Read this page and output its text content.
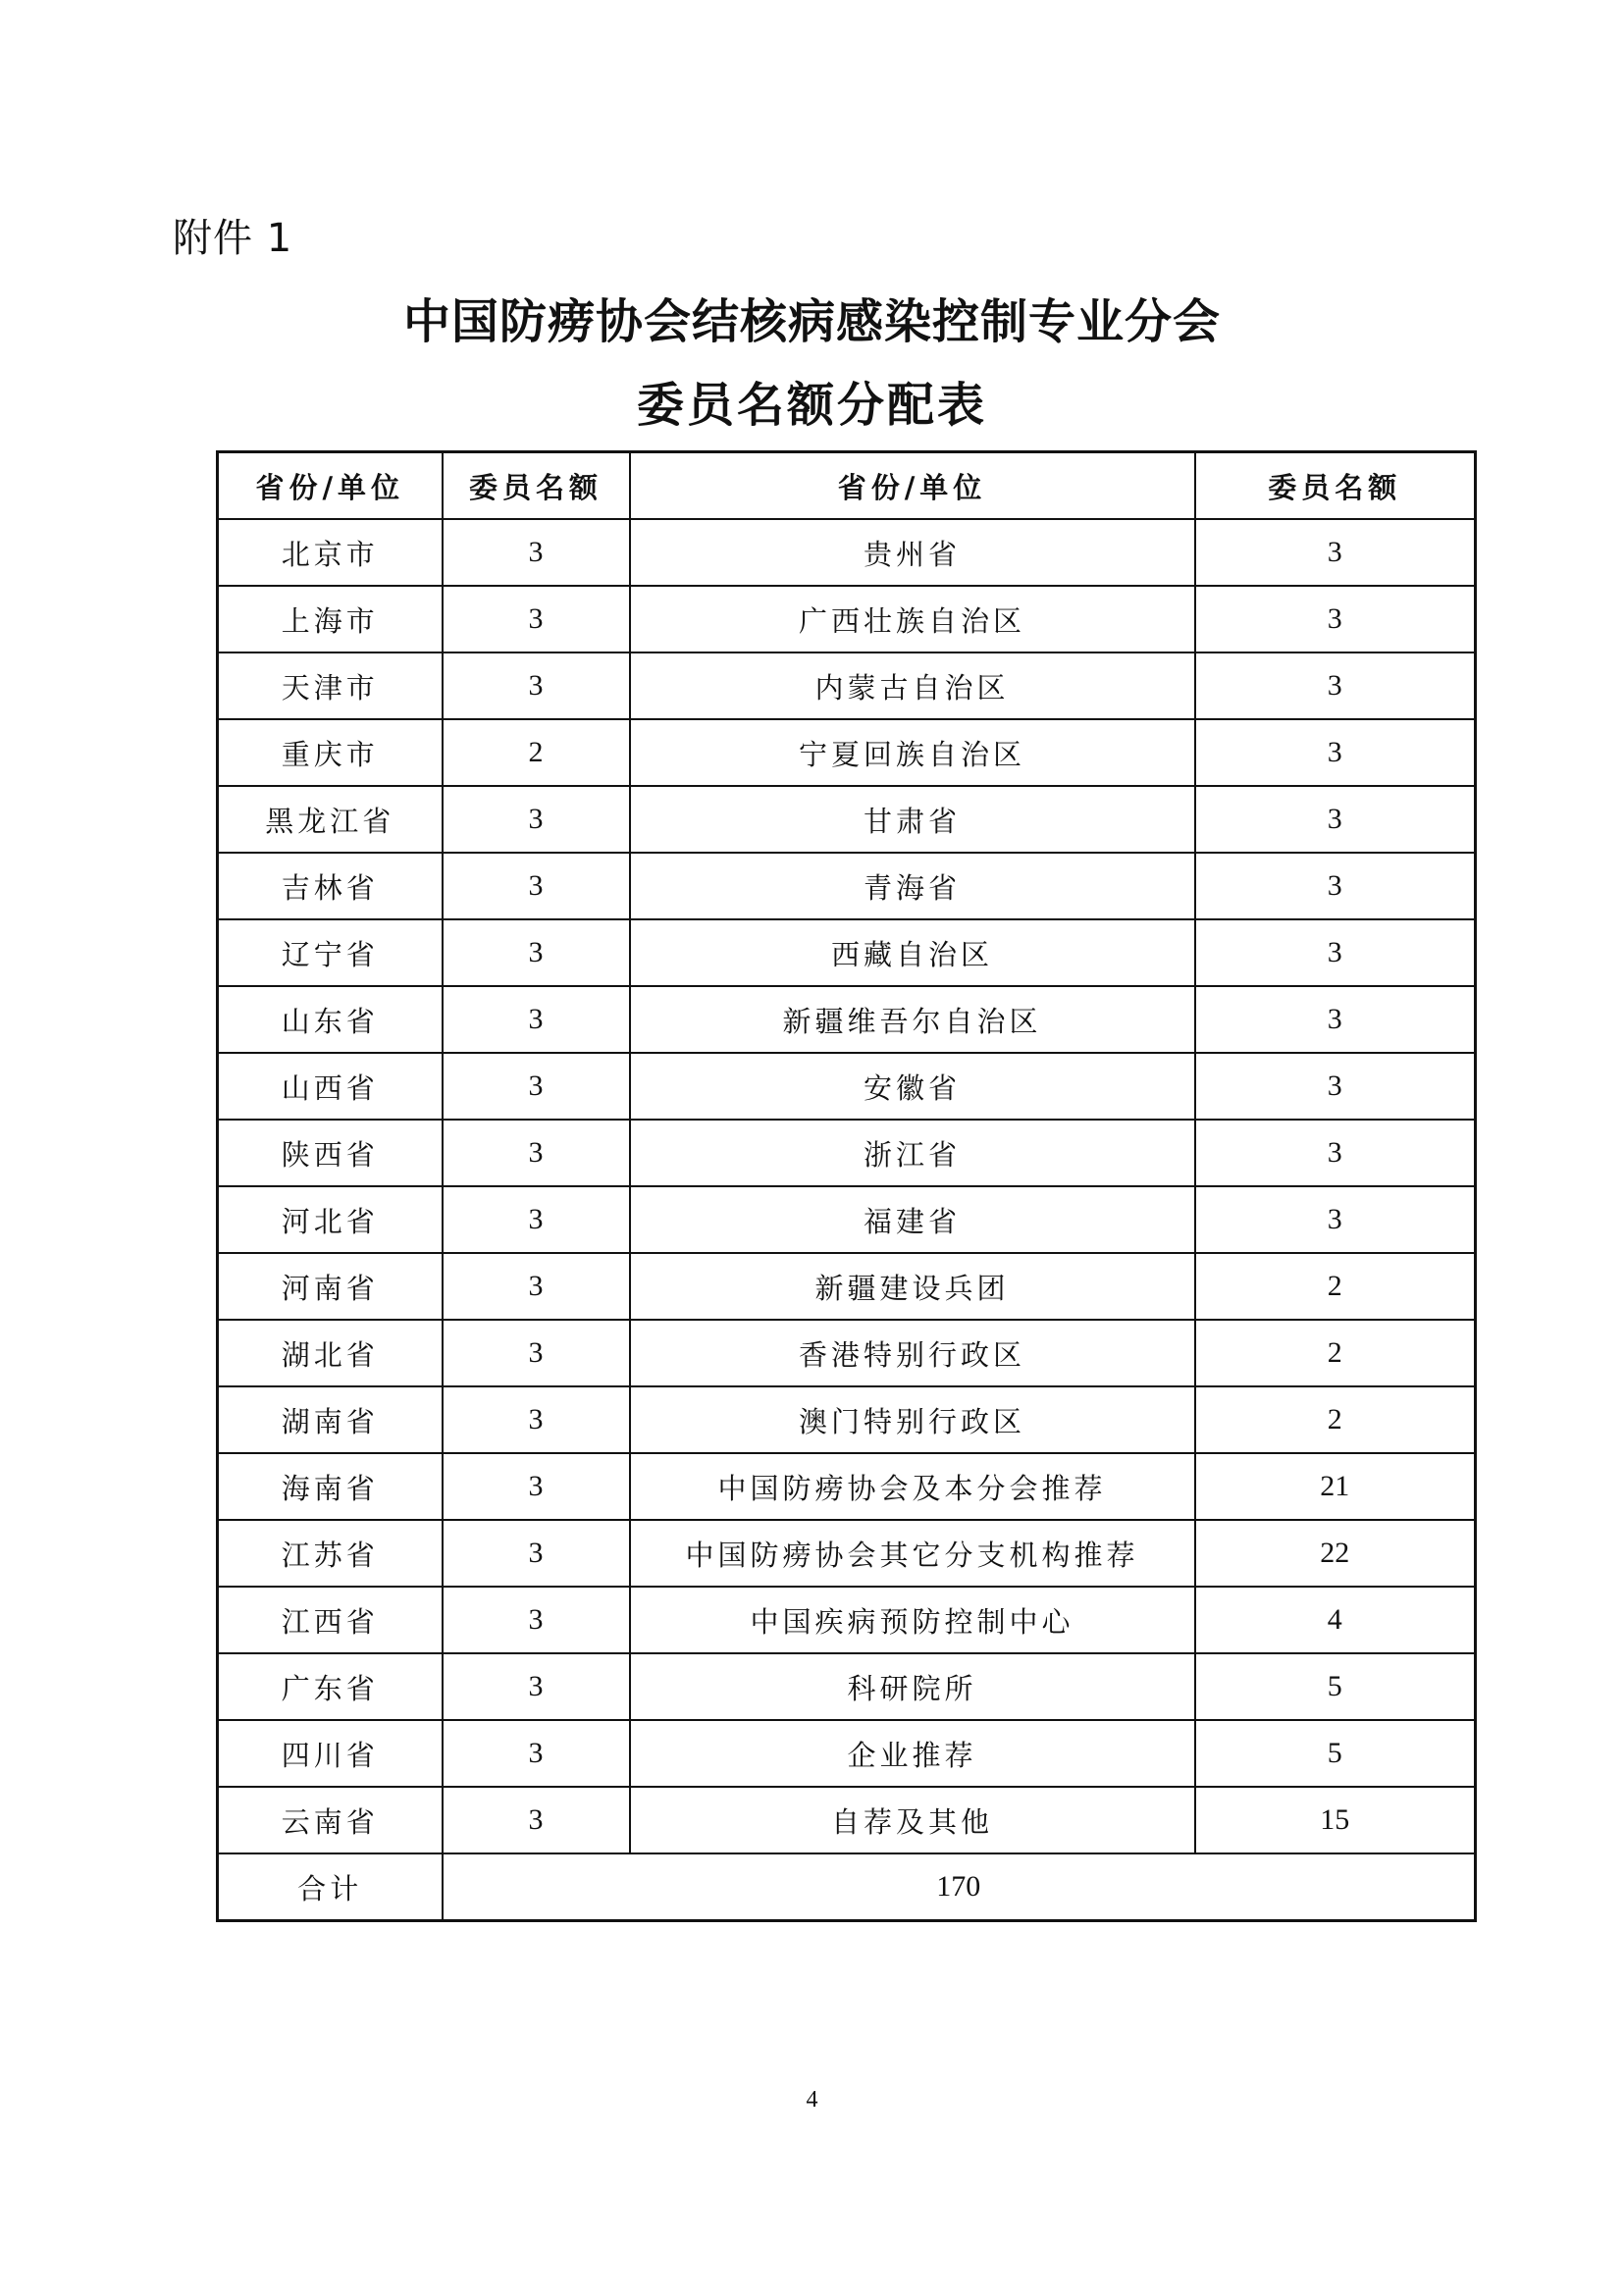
附件 1
中国防痨协会结核病感染控制专业分会
委员名额分配表
省份/单位	委员名额	省份/单位	委员名额
北京市	3	贵州省	3
上海市	3	广西壮族自治区	3
天津市	3	内蒙古自治区	3
重庆市	2	宁夏回族自治区	3
黑龙江省	3	甘肃省	3
吉林省	3	青海省	3
辽宁省	3	西藏自治区	3
山东省	3	新疆维吾尔自治区	3
山西省	3	安徽省	3
陕西省	3	浙江省	3
河北省	3	福建省	3
河南省	3	新疆建设兵团	2
湖北省	3	香港特别行政区	2
湖南省	3	澳门特别行政区	2
海南省	3	中国防痨协会及本分会推荐	21
江苏省	3	中国防痨协会其它分支机构推荐	22
江西省	3	中国疾病预防控制中心	4
广东省	3	科研院所	5
四川省	3	企业推荐	5
云南省	3	自荐及其他	15
合计	170		
4
